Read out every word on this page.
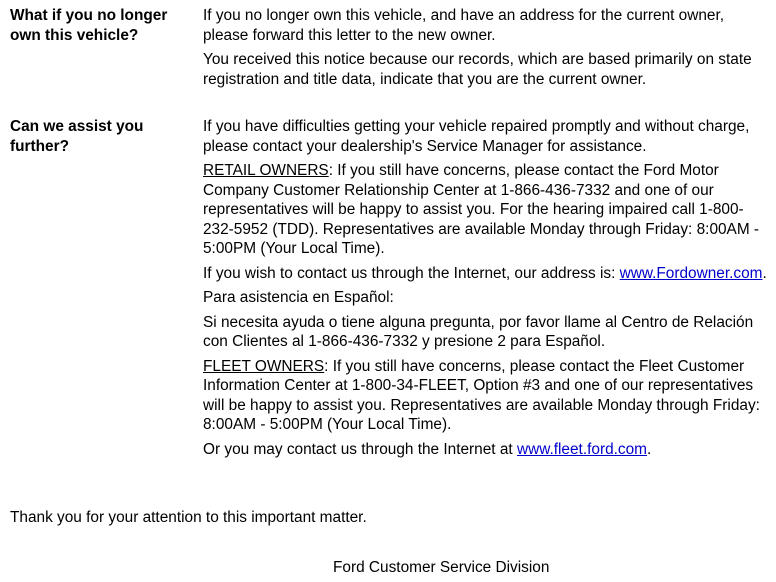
What if you no longer own this vehicle?

If you no longer own this vehicle, and have an address for the current owner, please forward this letter to the new owner.

You received this notice because our records, which are based primarily on state registration and title data, indicate that you are the current owner.

Can we assist you further?

If you have difficulties getting your vehicle repaired promptly and without charge, please contact your dealership's Service Manager for assistance.

RETAIL OWNERS: If you still have concerns, please contact the Ford Motor Company Customer Relationship Center at 1-866-436-7332 and one of our representatives will be happy to assist you. For the hearing impaired call 1-800-232-5952 (TDD). Representatives are available Monday through Friday: 8:00AM - 5:00PM (Your Local Time).

If you wish to contact us through the Internet, our address is: www.Fordowner.com.

Para asistencia en Español:

Si necesita ayuda o tiene alguna pregunta, por favor llame al Centro de Relación con Clientes al 1-866-436-7332 y presione 2 para Español.

FLEET OWNERS: If you still have concerns, please contact the Fleet Customer Information Center at 1-800-34-FLEET, Option #3 and one of our representatives will be happy to assist you. Representatives are available Monday through Friday: 8:00AM - 5:00PM (Your Local Time).

Or you may contact us through the Internet at www.fleet.ford.com.

Thank you for your attention to this important matter.
Ford Customer Service Division
